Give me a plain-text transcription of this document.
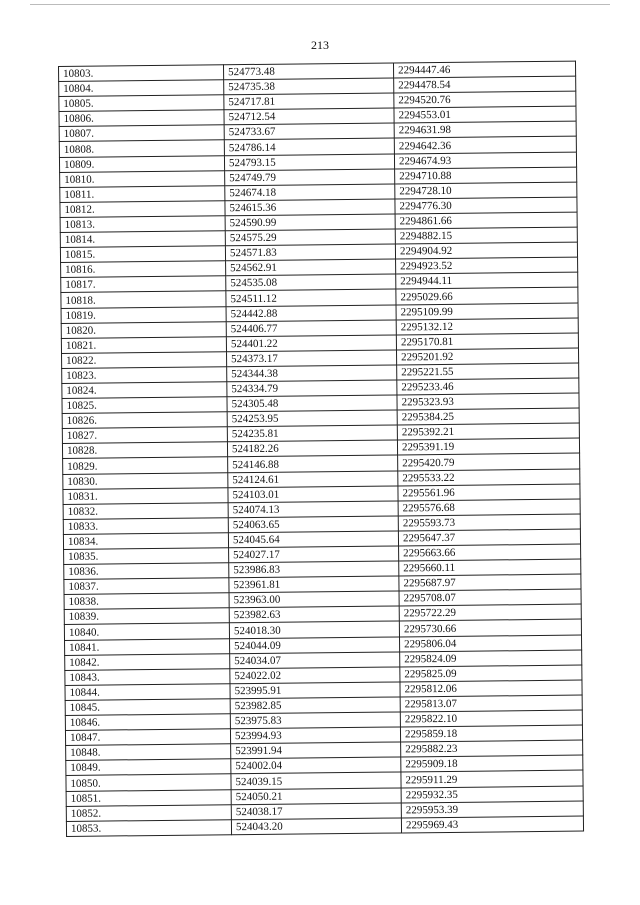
213
10803.	524773.48	2294447.46
10804.	524735.38	2294478.54
10805.	524717.81	2294520.76
10806.	524712.54	2294553.01
10807.	524733.67	2294631.98
10808.	524786.14	2294642.36
10809.	524793.15	2294674.93
10810.	524749.79	2294710.88
10811.	524674.18	2294728.10
10812.	524615.36	2294776.30
10813.	524590.99	2294861.66
10814.	524575.29	2294882.15
10815.	524571.83	2294904.92
10816.	524562.91	2294923.52
10817.	524535.08	2294944.11
10818.	524511.12	2295029.66
10819.	524442.88	2295109.99
10820.	524406.77	2295132.12
10821.	524401.22	2295170.81
10822.	524373.17	2295201.92
10823.	524344.38	2295221.55
10824.	524334.79	2295233.46
10825.	524305.48	2295323.93
10826.	524253.95	2295384.25
10827.	524235.81	2295392.21
10828.	524182.26	2295391.19
10829.	524146.88	2295420.79
10830.	524124.61	2295533.22
10831.	524103.01	2295561.96
10832.	524074.13	2295576.68
10833.	524063.65	2295593.73
10834.	524045.64	2295647.37
10835.	524027.17	2295663.66
10836.	523986.83	2295660.11
10837.	523961.81	2295687.97
10838.	523963.00	2295708.07
10839.	523982.63	2295722.29
10840.	524018.30	2295730.66
10841.	524044.09	2295806.04
10842.	524034.07	2295824.09
10843.	524022.02	2295825.09
10844.	523995.91	2295812.06
10845.	523982.85	2295813.07
10846.	523975.83	2295822.10
10847.	523994.93	2295859.18
10848.	523991.94	2295882.23
10849.	524002.04	2295909.18
10850.	524039.15	2295911.29
10851.	524050.21	2295932.35
10852.	524038.17	2295953.39
10853.	524043.20	2295969.43
